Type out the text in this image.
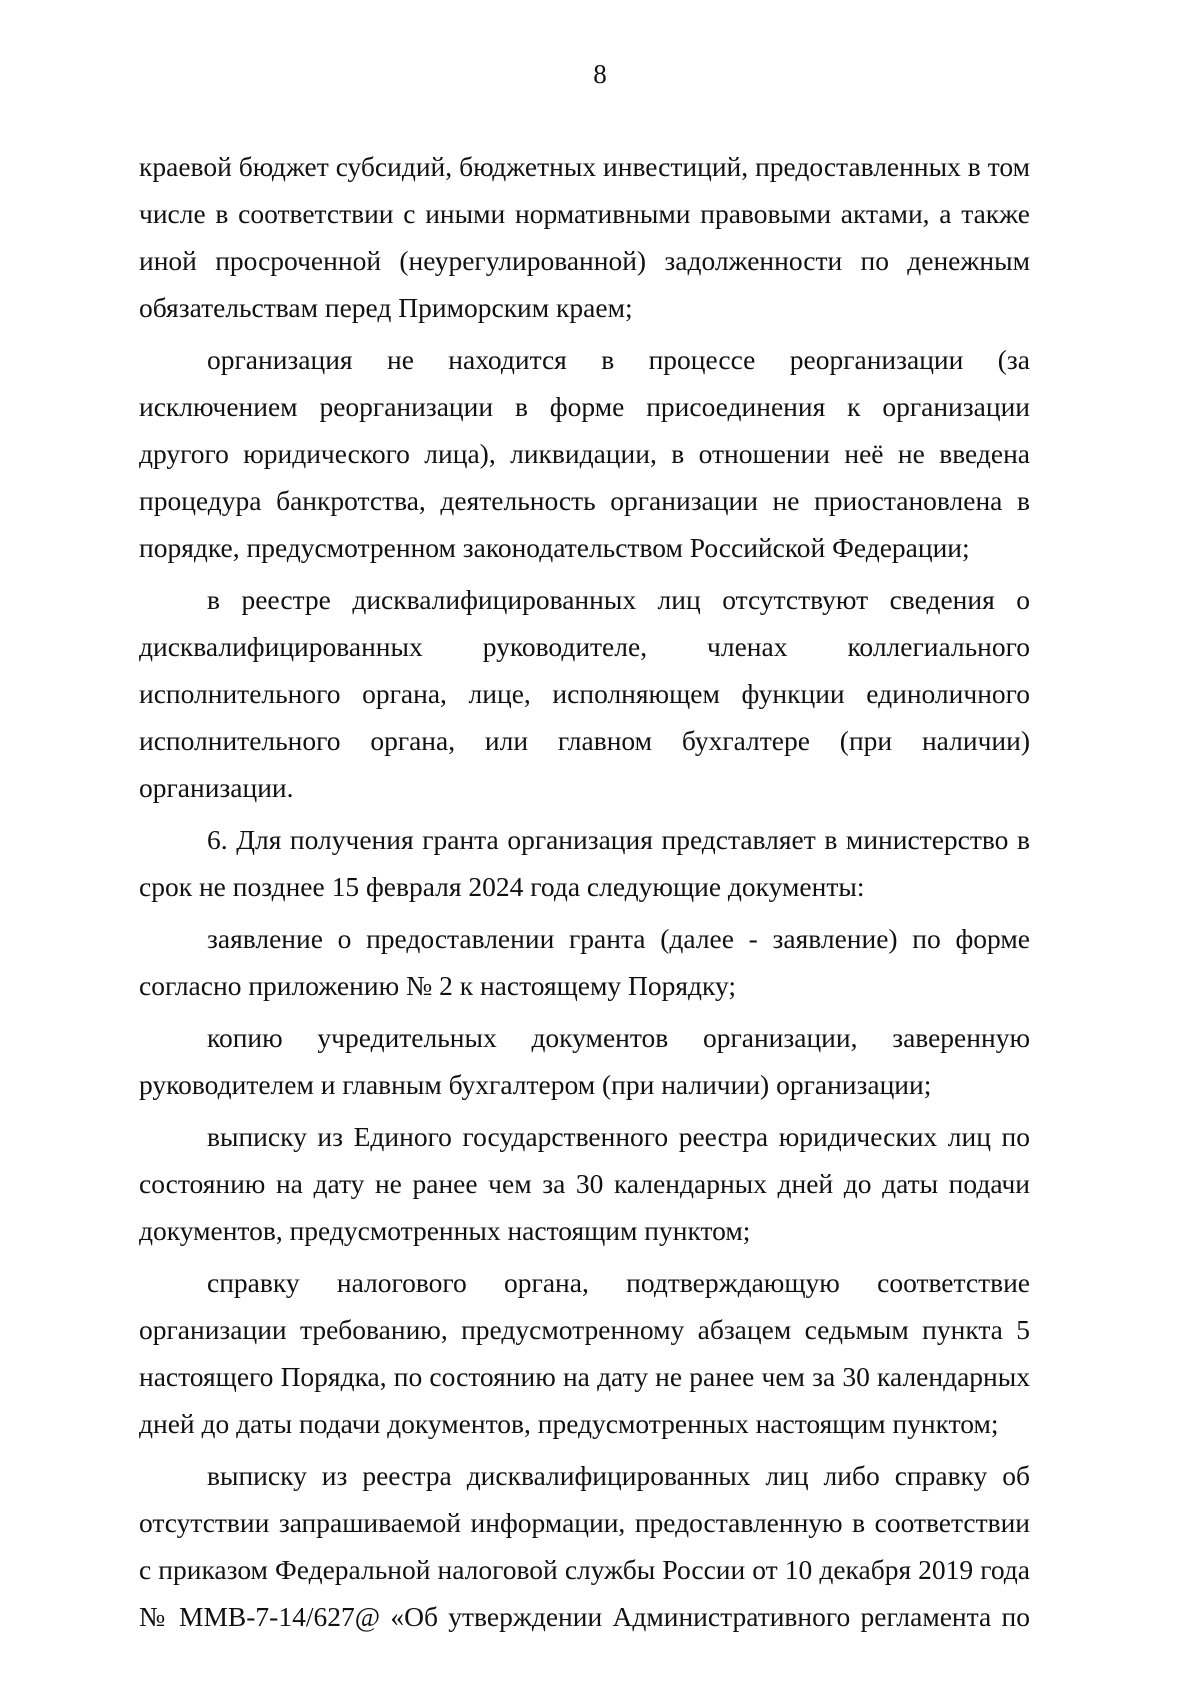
8

краевой бюджет субсидий, бюджетных инвестиций, предоставленных в том числе в соответствии с иными нормативными правовыми актами, а также иной просроченной (неурегулированной) задолженности по денежным обязательствам перед Приморским краем;

организация не находится в процессе реорганизации (за исключением реорганизации в форме присоединения к организации другого юридического лица), ликвидации, в отношении неё не введена процедура банкротства, деятельность организации не приостановлена в порядке, предусмотренном законодательством Российской Федерации;

в реестре дисквалифицированных лиц отсутствуют сведения о дисквалифицированных руководителе, членах коллегиального исполнительного органа, лице, исполняющем функции единоличного исполнительного органа, или главном бухгалтере (при наличии) организации.

6. Для получения гранта организация представляет в министерство в срок не позднее 15 февраля 2024 года следующие документы:

заявление о предоставлении гранта (далее - заявление) по форме согласно приложению № 2 к настоящему Порядку;

копию учредительных документов организации, заверенную руководителем и главным бухгалтером (при наличии) организации;

выписку из Единого государственного реестра юридических лиц по состоянию на дату не ранее чем за 30 календарных дней до даты подачи документов, предусмотренных настоящим пунктом;

справку налогового органа, подтверждающую соответствие организации требованию, предусмотренному абзацем седьмым пункта 5 настоящего Порядка, по состоянию на дату не ранее чем за 30 календарных дней до даты подачи документов, предусмотренных настоящим пунктом;

выписку из реестра дисквалифицированных лиц либо справку об отсутствии запрашиваемой информации, предоставленную в соответствии с приказом Федеральной налоговой службы России от 10 декабря 2019 года № ММВ-7-14/627@ «Об утверждении Административного регламента по
